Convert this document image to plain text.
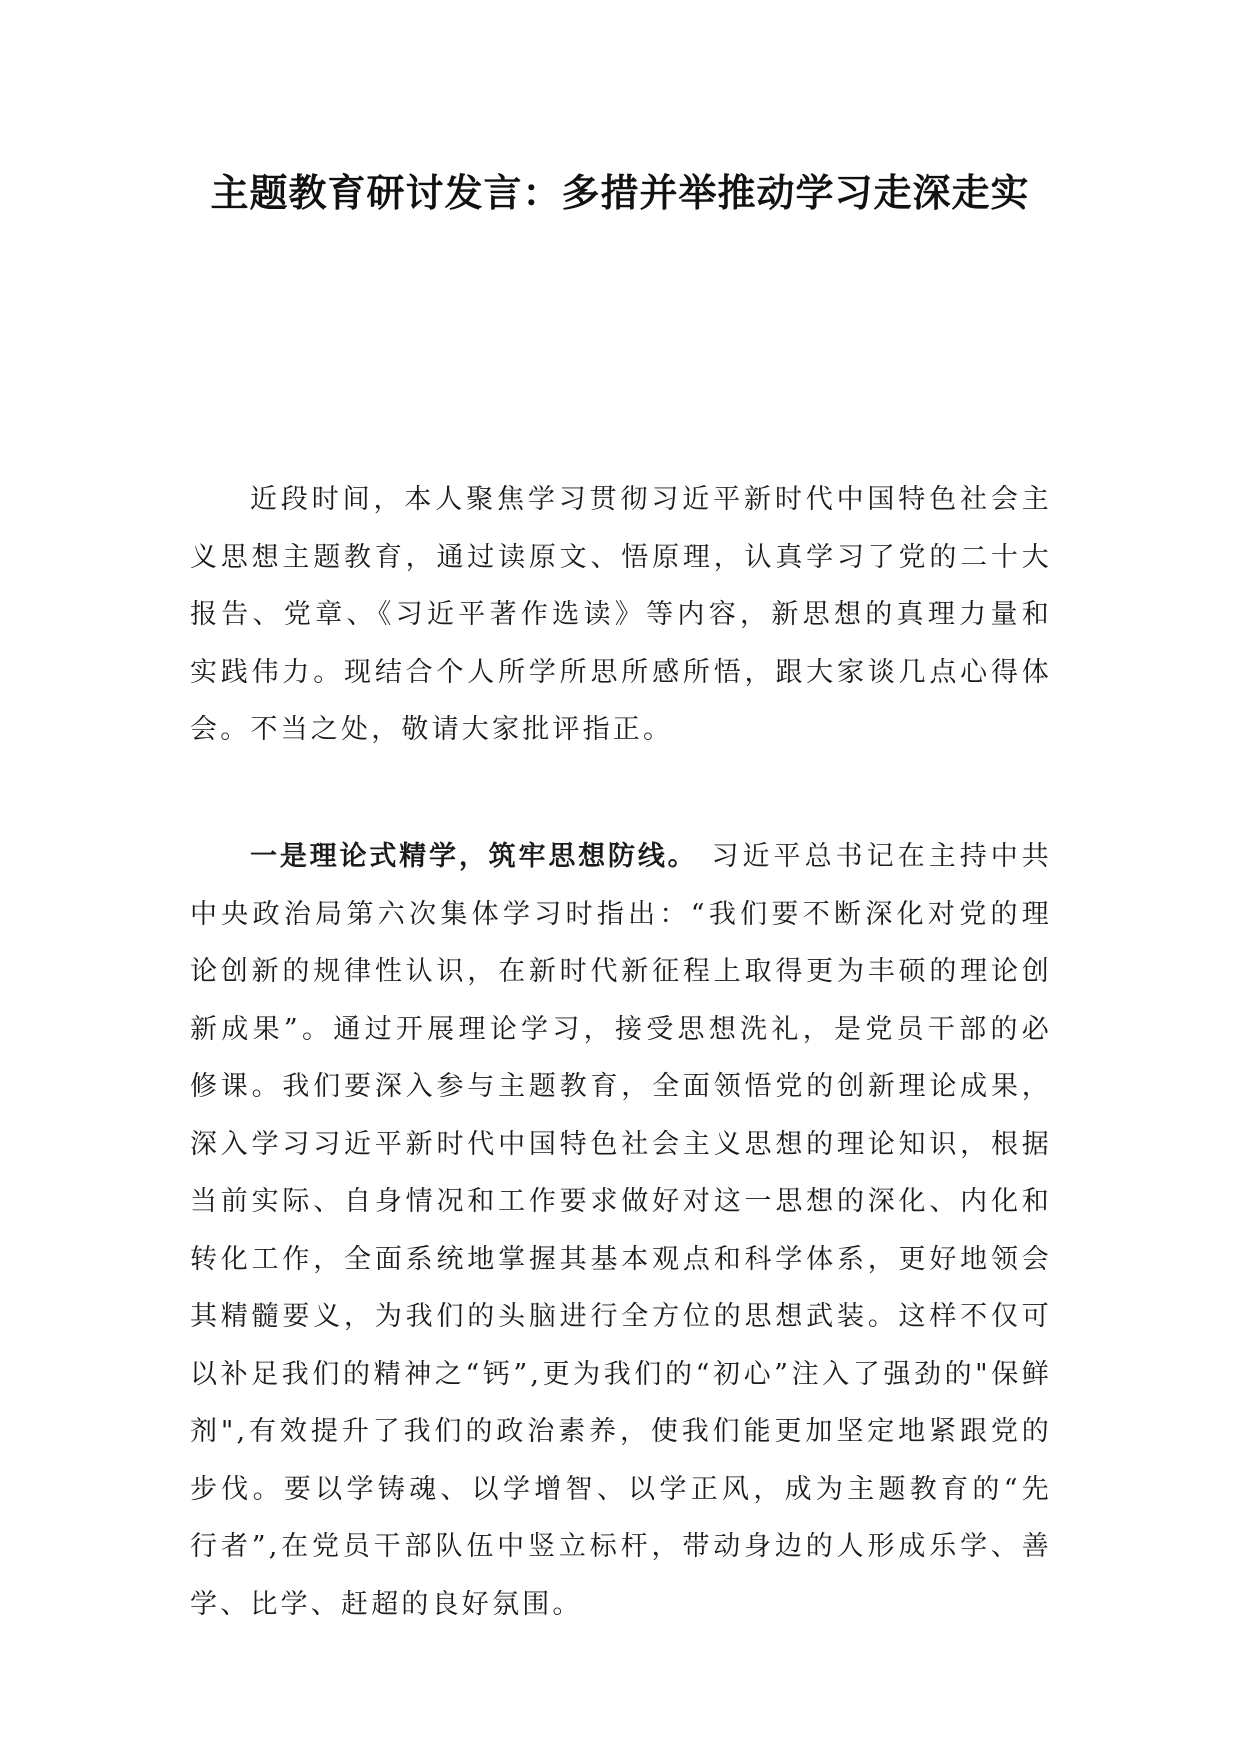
主题教育研讨发言：多措并举推动学习走深走实

近段时间，本人聚焦学习贯彻习近平新时代中国特色社会主义思想主题教育，通过读原文、悟原理，认真学习了党的二十大报告、党章、《习近平著作选读》等内容，新思想的真理力量和实践伟力。现结合个人所学所思所感所悟，跟大家谈几点心得体会。不当之处，敬请大家批评指正。

一是理论式精学，筑牢思想防线。 习近平总书记在主持中共中央政治局第六次集体学习时指出：“我们要不断深化对党的理论创新的规律性认识，在新时代新征程上取得更为丰硕的理论创新成果”。通过开展理论学习，接受思想洗礼，是党员干部的必修课。我们要深入参与主题教育，全面领悟党的创新理论成果，深入学习习近平新时代中国特色社会主义思想的理论知识，根据当前实际、自身情况和工作要求做好对这一思想的深化、内化和转化工作，全面系统地掌握其基本观点和科学体系，更好地领会其精髓要义，为我们的头脑进行全方位的思想武装。这样不仅可以补足我们的精神之“钙”,更为我们的“初心”注入了强劲的"保鲜剂",有效提升了我们的政治素养，使我们能更加坚定地紧跟党的步伐。要以学铸魂、以学增智、以学正风，成为主题教育的“先行者”,在党员干部队伍中竖立标杆，带动身边的人形成乐学、善学、比学、赶超的良好氛围。
